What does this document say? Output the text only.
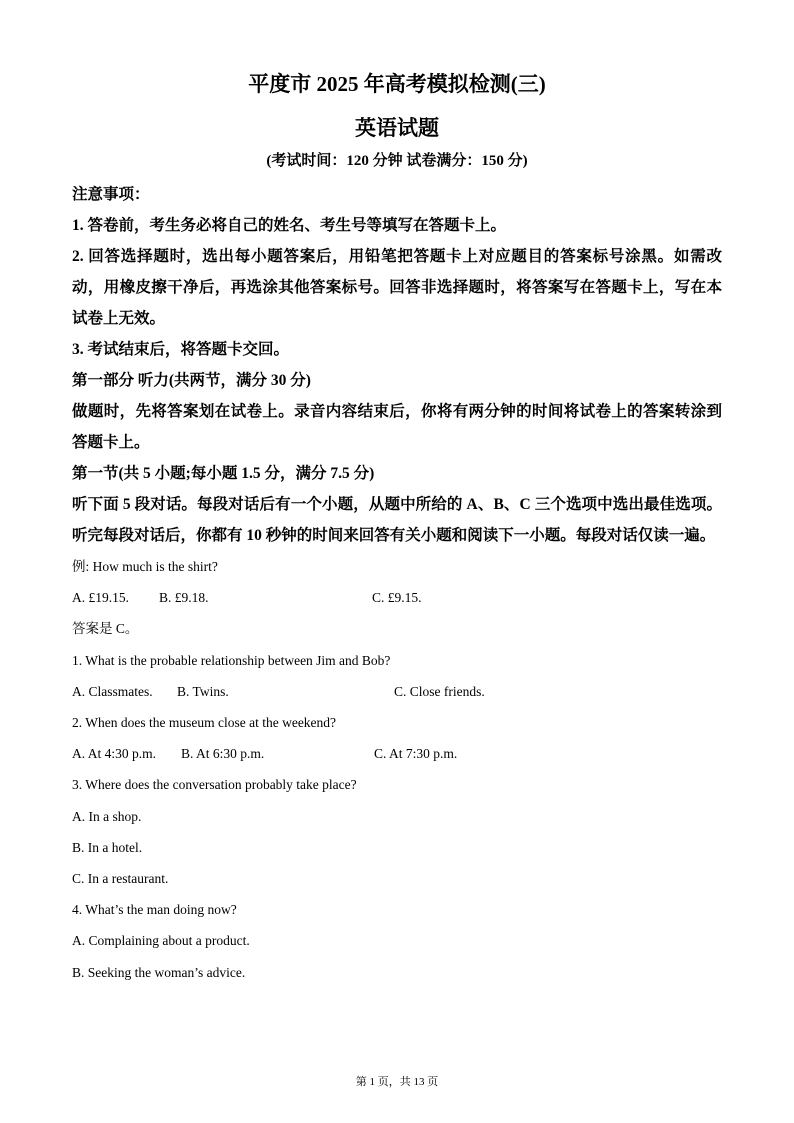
平度市 2025 年高考模拟检测(三)
英语试题
(考试时间：120 分钟 试卷满分：150 分)

注意事项：

1. 答卷前，考生务必将自己的姓名、考生号等填写在答题卡上。

2. 回答选择题时，选出每小题答案后，用铅笔把答题卡上对应题目的答案标号涂黑。如需改动，用橡皮擦干净后，再选涂其他答案标号。回答非选择题时，将答案写在答题卡上，写在本试卷上无效。

3. 考试结束后，将答题卡交回。

第一部分 听力(共两节，满分 30 分)

做题时，先将答案划在试卷上。录音内容结束后，你将有两分钟的时间将试卷上的答案转涂到答题卡上。

第一节(共 5 小题;每小题 1.5 分，满分 7.5 分)

听下面 5 段对话。每段对话后有一个小题，从题中所给的 A、B、C 三个选项中选出最佳选项。听完每段对话后，你都有 10 秒钟的时间来回答有关小题和阅读下一小题。每段对话仅读一遍。

例: How much is the shirt?

A. £19.15. B. £9.18.	C. £9.15.

答案是 C。

1. What is the probable relationship between Jim and Bob?

A. Classmates. B. Twins.	C. Close friends.

2. When does the museum close at the weekend?

A. At 4:30 p.m. B. At 6:30 p.m.	C. At 7:30 p.m.

3. Where does the conversation probably take place?

A. In a shop.

B. In a hotel.

C. In a restaurant.

4. What’s the man doing now?

A. Complaining about a product.

B. Seeking the woman’s advice.

第 1 页，共 13 页
